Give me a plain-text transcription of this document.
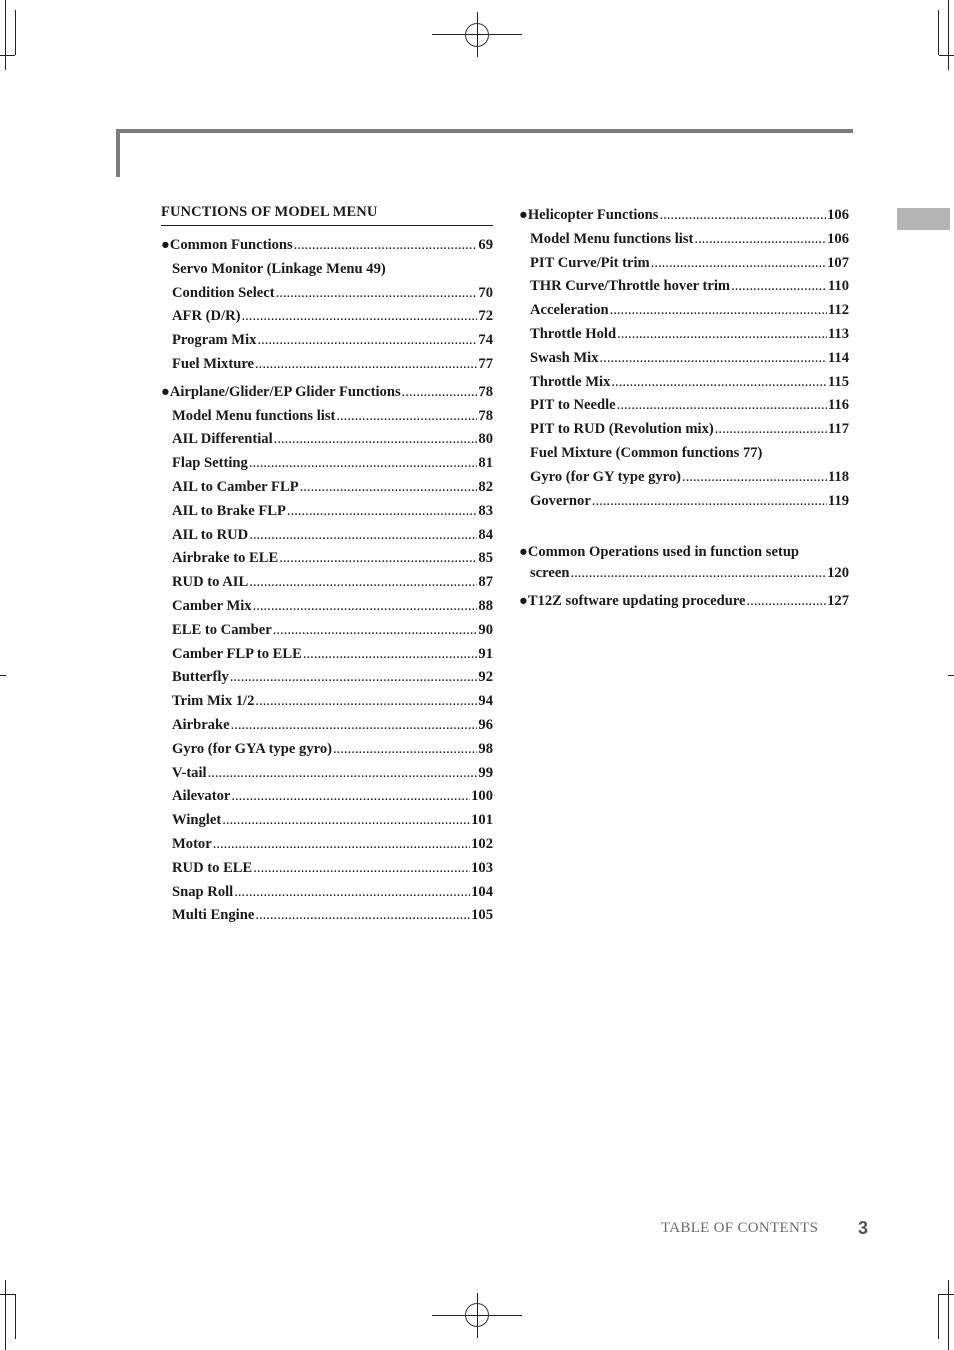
FUNCTIONS OF MODEL MENU
●Common Functions .....	69
Servo Monitor (Linkage Menu 49)
Condition Select .....	70
AFR (D/R) .....	72
Program Mix .....	74
Fuel Mixture .....	77
●Airplane/Glider/EP Glider Functions .....	78
Model Menu functions list .....	78
AIL Differential .....	80
Flap Setting .....	81
AIL to Camber FLP .....	82
AIL to Brake FLP .....	83
AIL to RUD .....	84
Airbrake to ELE .....	85
RUD to AIL .....	87
Camber Mix .....	88
ELE to Camber .....	90
Camber FLP to ELE .....	91
Butterfly .....	92
Trim Mix 1/2 .....	94
Airbrake .....	96
Gyro (for GYA type gyro) .....	98
V-tail .....	99
Ailevator .....	100
Winglet .....	101
Motor .....	102
RUD to ELE .....	103
Snap Roll .....	104
Multi Engine .....	105
●Helicopter Functions .....	106
Model Menu functions list .....	106
PIT Curve/Pit trim .....	107
THR Curve/Throttle hover trim .....	110
Acceleration .....	112
Throttle Hold .....	113
Swash Mix .....	114
Throttle Mix .....	115
PIT to Needle .....	116
PIT to RUD (Revolution mix) .....	117
Fuel Mixture (Common functions 77)
Gyro (for GY type gyro) .....	118
Governor .....	119
●Common Operations used in function setup
screen .....	120
●T12Z software updating procedure .....	127
TABLE OF CONTENTS 3
